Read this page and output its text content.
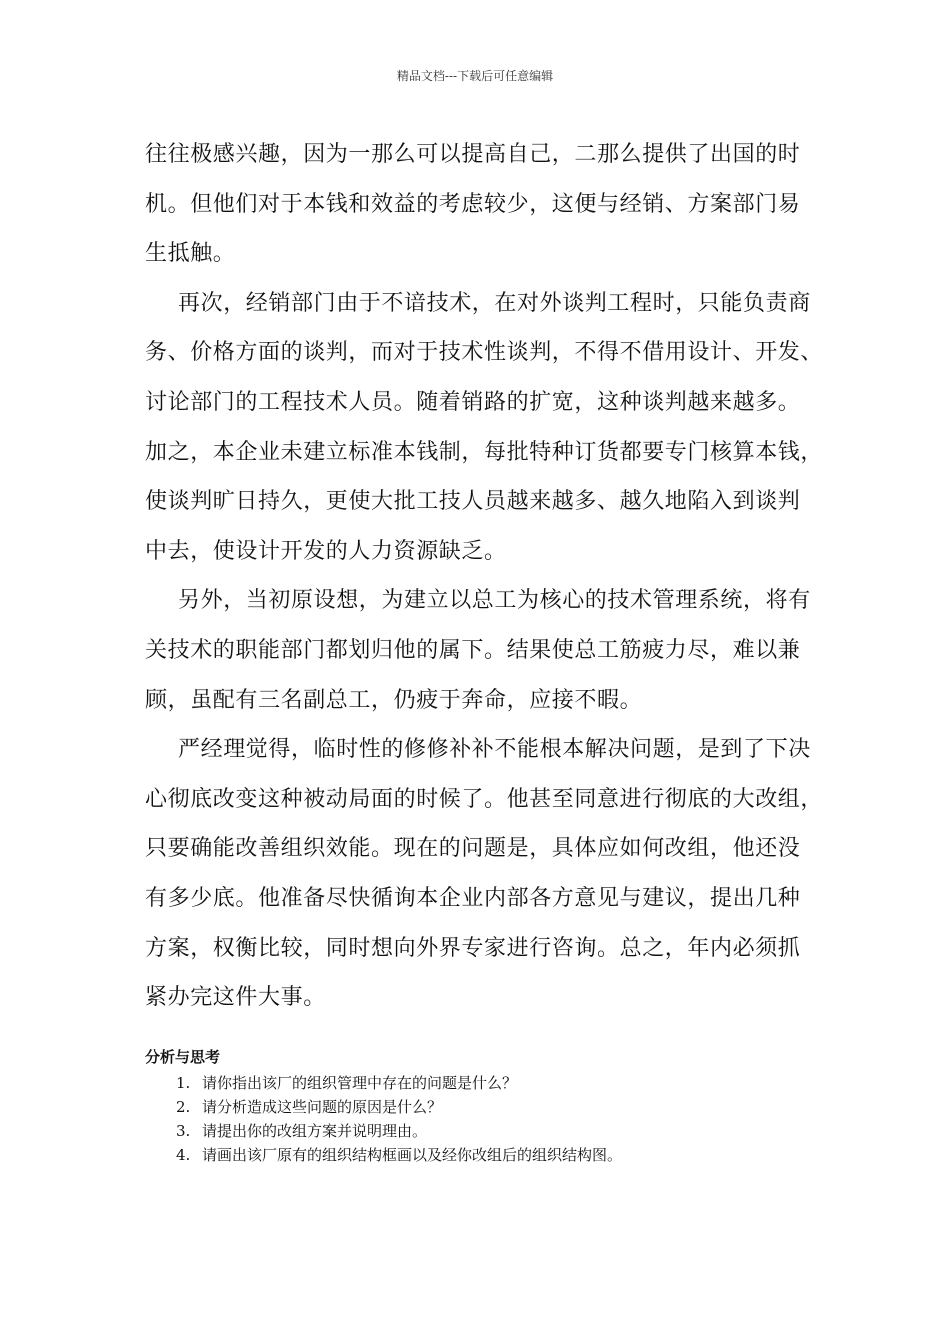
精品文档---下载后可任意编辑

往往极感兴趣，因为一那么可以提高自己，二那么提供了出国的时
机。但他们对于本钱和效益的考虑较少，这便与经销、方案部门易
生抵触。

再次，经销部门由于不谙技术，在对外谈判工程时，只能负责商
务、价格方面的谈判，而对于技术性谈判，不得不借用设计、开发、
讨论部门的工程技术人员。随着销路的扩宽，这种谈判越来越多。
加之，本企业未建立标准本钱制，每批特种订货都要专门核算本钱，
使谈判旷日持久，更使大批工技人员越来越多、越久地陷入到谈判
中去，使设计开发的人力资源缺乏。

另外，当初原设想，为建立以总工为核心的技术管理系统，将有
关技术的职能部门都划归他的属下。结果使总工筋疲力尽，难以兼
顾，虽配有三名副总工，仍疲于奔命，应接不暇。

严经理觉得，临时性的修修补补不能根本解决问题，是到了下决
心彻底改变这种被动局面的时候了。他甚至同意进行彻底的大改组，
只要确能改善组织效能。现在的问题是，具体应如何改组，他还没
有多少底。他准备尽快循询本企业内部各方意见与建议，提出几种
方案，权衡比较，同时想向外界专家进行咨询。总之，年内必须抓
紧办完这件大事。

分析与思考
1. 请你指出该厂的组织管理中存在的问题是什么？
2. 请分析造成这些问题的原因是什么？
3. 请提出你的改组方案并说明理由。
4. 请画出该厂原有的组织结构框画以及经你改组后的组织结构图。
